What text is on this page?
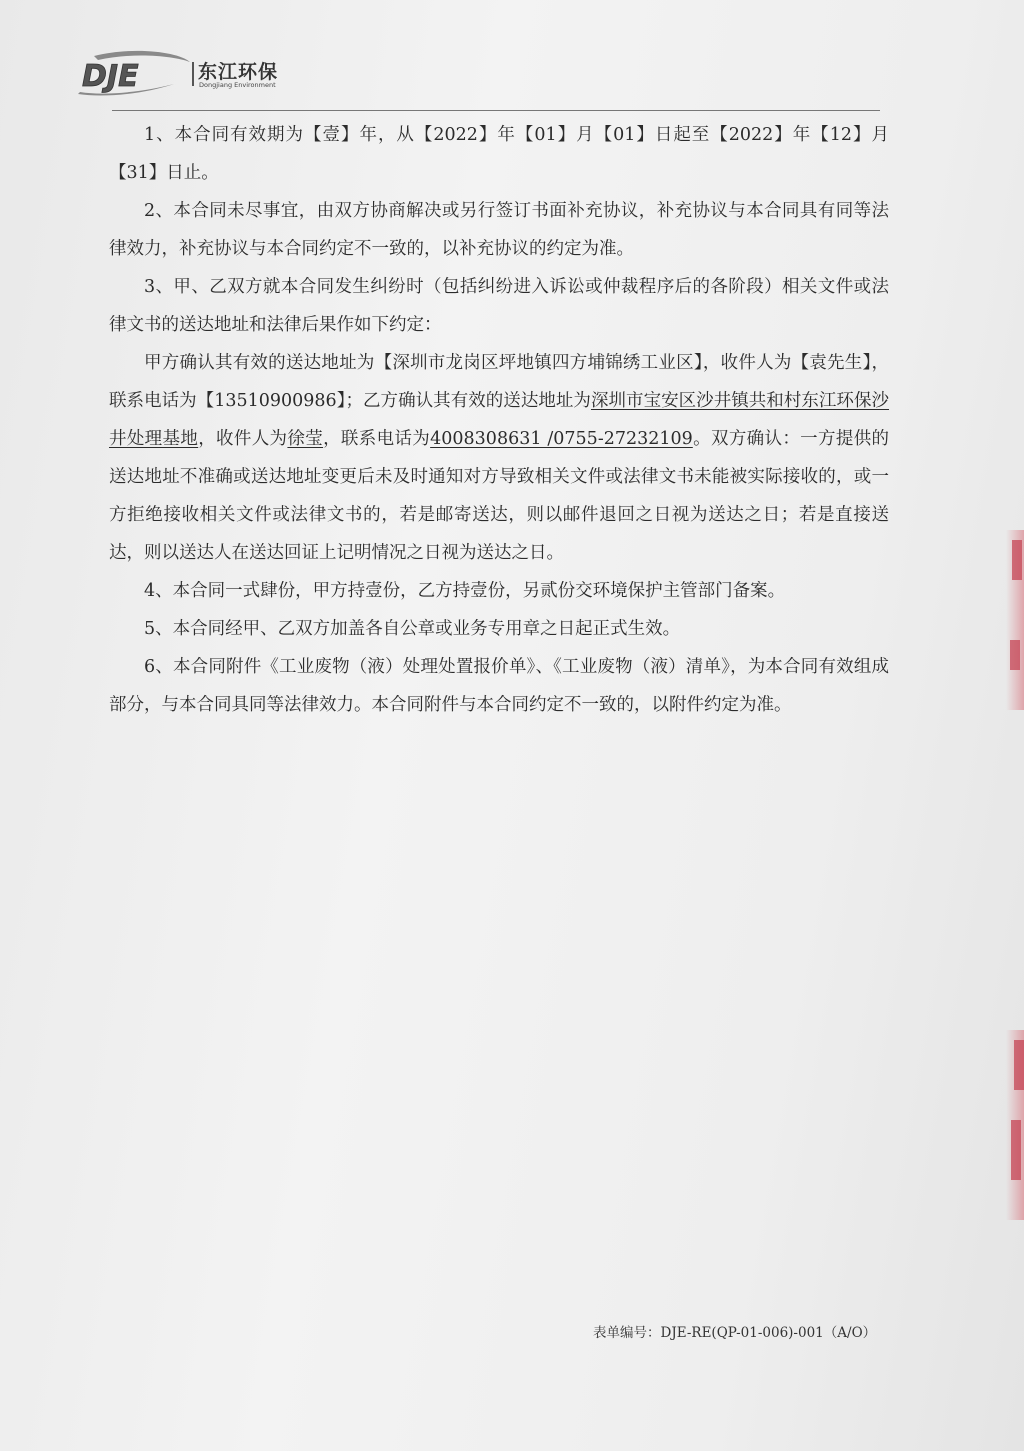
DJE	东江环保
Dongjiang Environment

1、本合同有效期为【壹】年，从【2022】年【01】月【01】日起至【2022】年【12】月【31】日止。

2、本合同未尽事宜，由双方协商解决或另行签订书面补充协议，补充协议与本合同具有同等法律效力，补充协议与本合同约定不一致的，以补充协议的约定为准。

3、甲、乙双方就本合同发生纠纷时（包括纠纷进入诉讼或仲裁程序后的各阶段）相关文件或法律文书的送达地址和法律后果作如下约定：

甲方确认其有效的送达地址为【深圳市龙岗区坪地镇四方埔锦绣工业区】，收件人为【袁先生】，联系电话为【13510900986】；乙方确认其有效的送达地址为深圳市宝安区沙井镇共和村东江环保沙井处理基地，收件人为徐莹，联系电话为4008308631 /0755-27232109。双方确认：一方提供的送达地址不准确或送达地址变更后未及时通知对方导致相关文件或法律文书未能被实际接收的，或一方拒绝接收相关文件或法律文书的，若是邮寄送达，则以邮件退回之日视为送达之日；若是直接送达，则以送达人在送达回证上记明情况之日视为送达之日。

4、本合同一式肆份，甲方持壹份，乙方持壹份，另贰份交环境保护主管部门备案。

5、本合同经甲、乙双方加盖各自公章或业务专用章之日起正式生效。

6、本合同附件《工业废物（液）处理处置报价单》、《工业废物（液）清单》，为本合同有效组成部分，与本合同具同等法律效力。本合同附件与本合同约定不一致的，以附件约定为准。

表单编号：DJE-RE(QP-01-006)-001（A/O）
